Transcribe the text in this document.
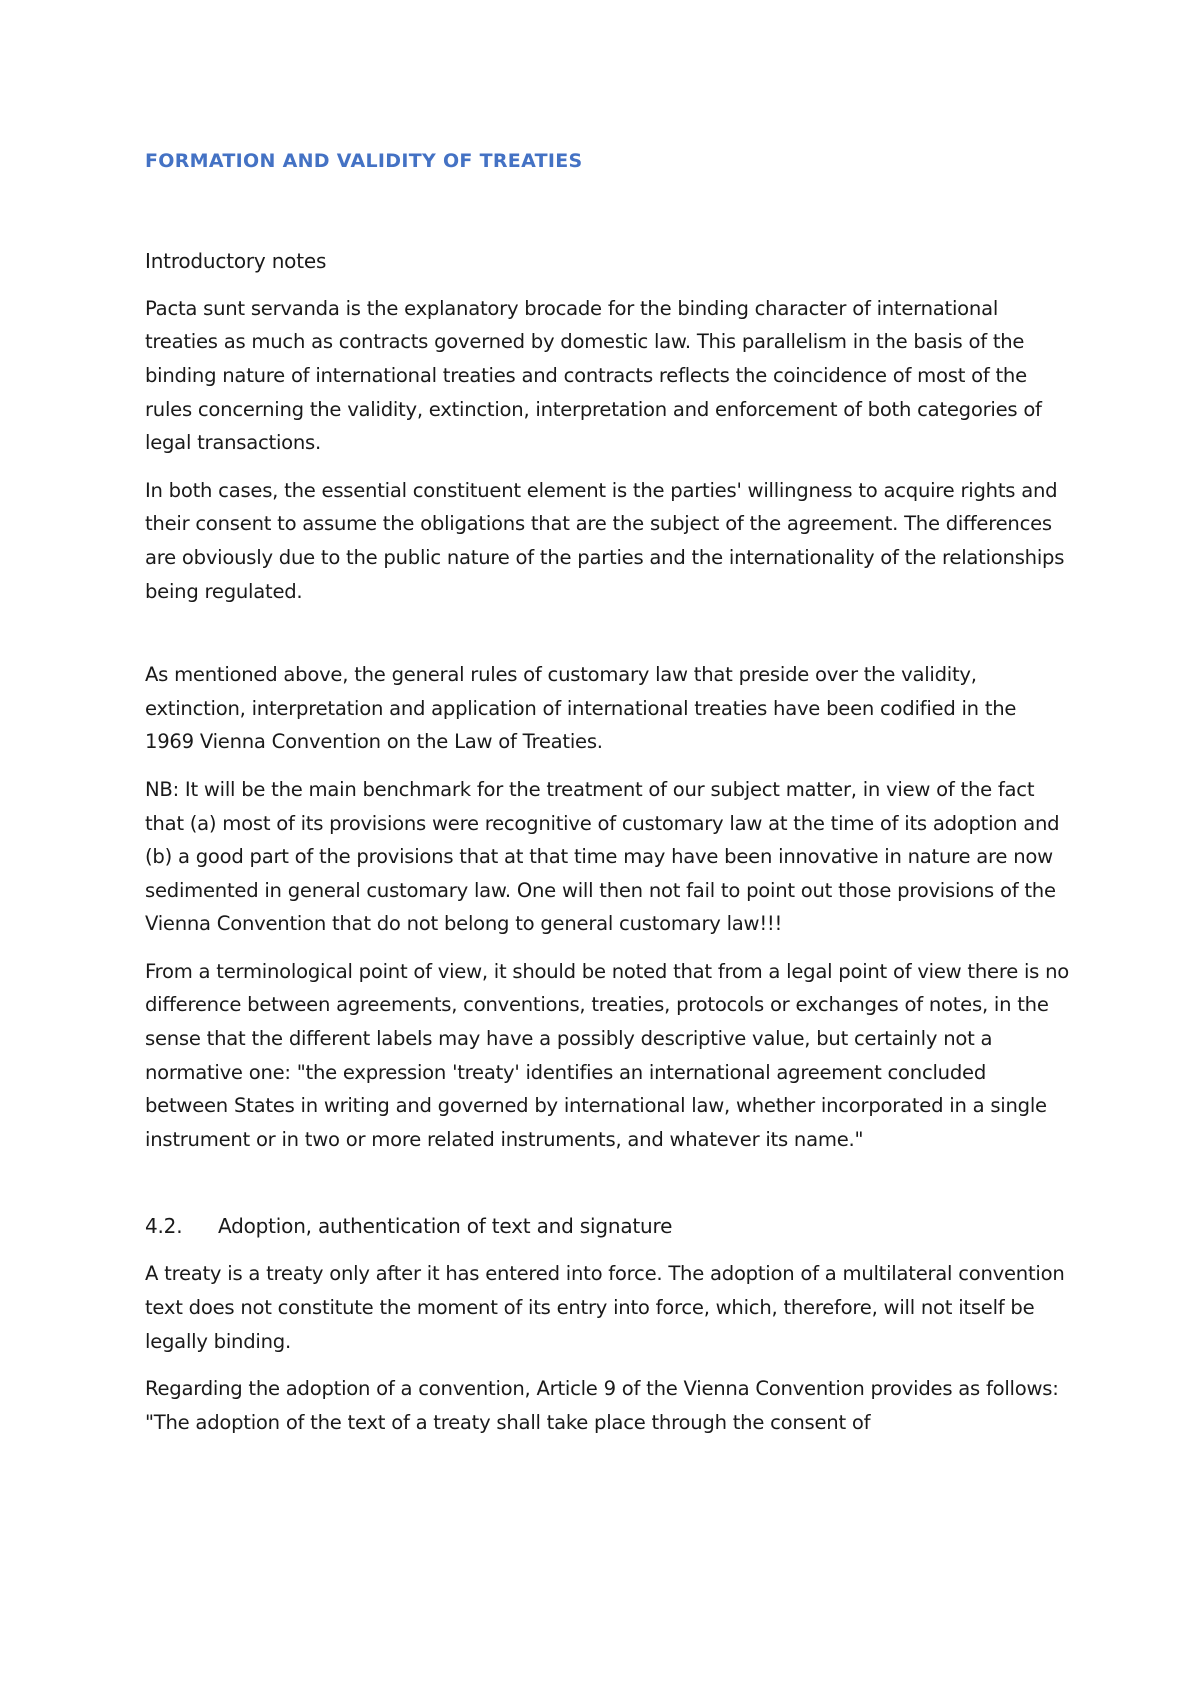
FORMATION AND VALIDITY OF TREATIES

Introductory notes

Pacta sunt servanda is the explanatory brocade for the binding character of international treaties as much as contracts governed by domestic law. This parallelism in the basis of the binding nature of international treaties and contracts reflects the coincidence of most of the rules concerning the validity, extinction, interpretation and enforcement of both categories of legal transactions.

In both cases, the essential constituent element is the parties' willingness to acquire rights and their consent to assume the obligations that are the subject of the agreement. The differences are obviously due to the public nature of the parties and the internationality of the relationships being regulated.

As mentioned above, the general rules of customary law that preside over the validity, extinction, interpretation and application of international treaties have been codified in the 1969 Vienna Convention on the Law of Treaties.

NB: It will be the main benchmark for the treatment of our subject matter, in view of the fact that (a) most of its provisions were recognitive of customary law at the time of its adoption and (b) a good part of the provisions that at that time may have been innovative in nature are now sedimented in general customary law. One will then not fail to point out those provisions of the Vienna Convention that do not belong to general customary law!!!

From a terminological point of view, it should be noted that from a legal point of view there is no difference between agreements, conventions, treaties, protocols or exchanges of notes, in the sense that the different labels may have a possibly descriptive value, but certainly not a normative one: "the expression 'treaty' identifies an international agreement concluded between States in writing and governed by international law, whether incorporated in a single instrument or in two or more related instruments, and whatever its name."

4.2.	Adoption, authentication of text and signature

A treaty is a treaty only after it has entered into force. The adoption of a multilateral convention text does not constitute the moment of its entry into force, which, therefore, will not itself be legally binding.

Regarding the adoption of a convention, Article 9 of the Vienna Convention provides as follows: "The adoption of the text of a treaty shall take place through the consent of
